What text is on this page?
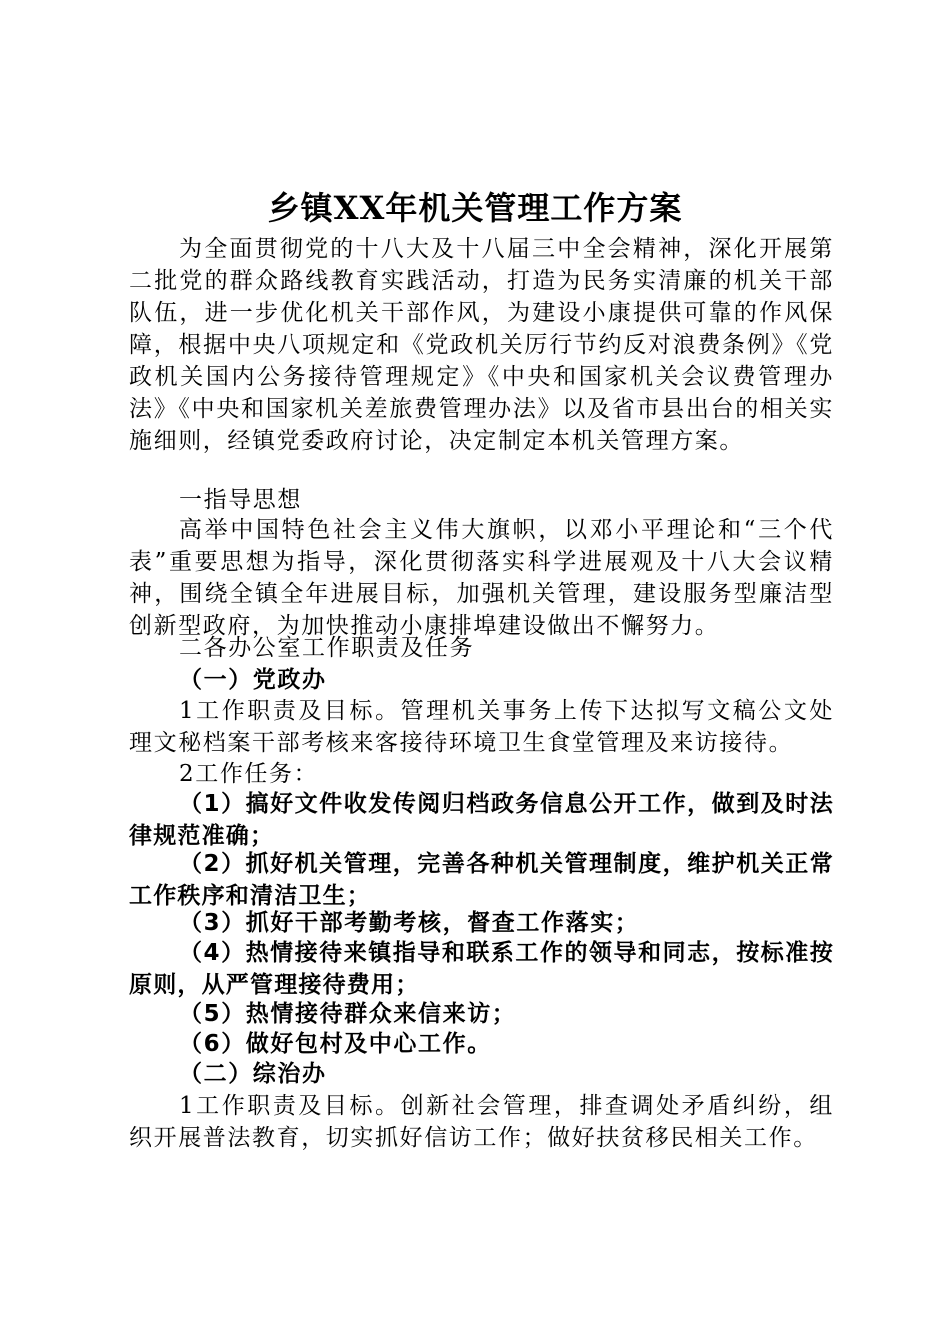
乡镇XX年机关管理工作方案

为全面贯彻党的十八大及十八届三中全会精神，深化开展第二批党的群众路线教育实践活动，打造为民务实清廉的机关干部队伍，进一步优化机关干部作风，为建设小康提供可靠的作风保障，根据中央八项规定和《党政机关厉行节约反对浪费条例》《党政机关国内公务接待管理规定》《中央和国家机关会议费管理办法》《中央和国家机关差旅费管理办法》以及省市县出台的相关实施细则，经镇党委政府讨论，决定制定本机关管理方案。

一指导思想

高举中国特色社会主义伟大旗帜，以邓小平理论和“三个代表”重要思想为指导，深化贯彻落实科学进展观及十八大会议精神，围绕全镇全年进展目标，加强机关管理，建设服务型廉洁型创新型政府，为加快推动小康排埠建设做出不懈努力。

二各办公室工作职责及任务
（一）党政办

1工作职责及目标。管理机关事务上传下达拟写文稿公文处理文秘档案干部考核来客接待环境卫生食堂管理及来访接待。

2工作任务：

（1）搞好文件收发传阅归档政务信息公开工作，做到及时法律规范准确；

（2）抓好机关管理，完善各种机关管理制度，维护机关正常工作秩序和清洁卫生；

（3）抓好干部考勤考核，督查工作落实；

（4）热情接待来镇指导和联系工作的领导和同志，按标准按原则，从严管理接待费用；

（5）热情接待群众来信来访；
（6）做好包村及中心工作。
（二）综治办

1工作职责及目标。创新社会管理，排查调处矛盾纠纷，组织开展普法教育，切实抓好信访工作；做好扶贫移民相关工作。
